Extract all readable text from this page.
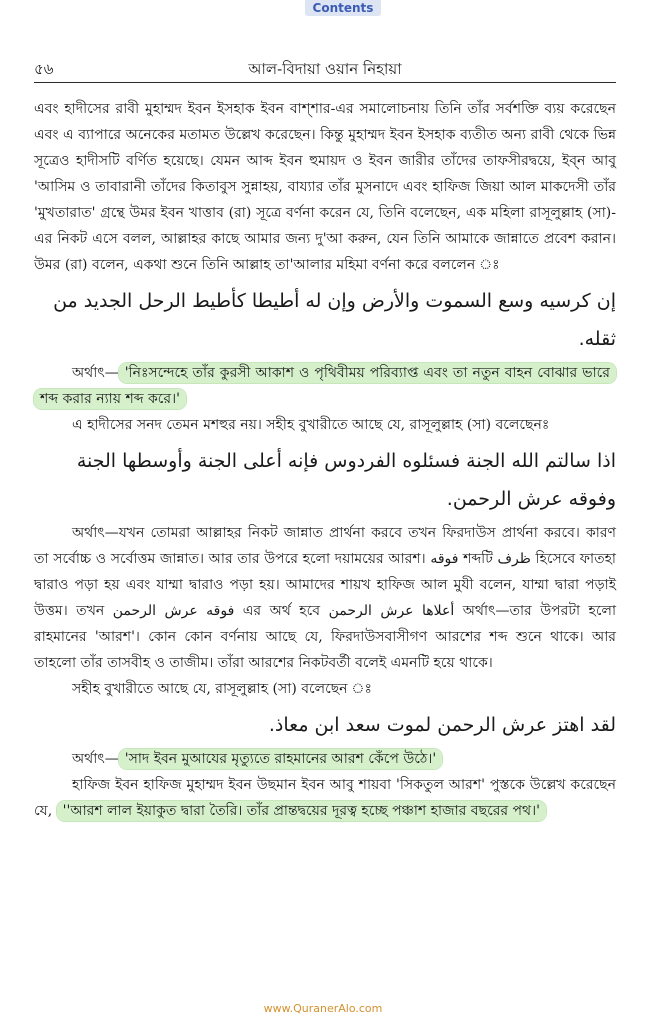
Contents
৫৬	আল-বিদায়া ওয়ান নিহায়া

এবং হাদীসের রাবী মুহাম্মদ ইবন ইসহাক ইবন বাশ্শার-এর সমালোচনায় তিনি তাঁর সর্বশক্তি ব্যয় করেছেন এবং এ ব্যাপারে অনেকের মতামত উল্লেখ করেছেন। কিন্তু মুহাম্মদ ইবন ইসহাক ব্যতীত অন্য রাবী থেকে ভিন্ন সূত্রেও হাদীসটি বর্ণিত হয়েছে। যেমন আব্দ ইবন হুমায়দ ও ইবন জারীর তাঁদের তাফসীরদ্বয়ে, ইব্ন আবু 'আসিম ও তাবারানী তাঁদের কিতাবুস সুন্নাহয়, বায্যার তাঁর মুসনাদে এবং হাফিজ জিয়া আল মাকদেসী তাঁর 'মুখতারাত' গ্রন্থে উমর ইবন খাত্তাব (রা) সূত্রে বর্ণনা করেন যে, তিনি বলেছেন, এক মহিলা রাসূলুল্লাহ (সা)-এর নিকট এসে বলল, আল্লাহর কাছে আমার জন্য দু'আ করুন, যেন তিনি আমাকে জান্নাতে প্রবেশ করান। উমর (রা) বলেন, একথা শুনে তিনি আল্লাহ তা'আলার মহিমা বর্ণনা করে বললেন ঃ

إن كرسيه وسع السموت والأرض وإن له أطيطا كأطيط الرحل الجديد من ثقله.

অর্থাৎ— 'নিঃসন্দেহে তাঁর কুরসী আকাশ ও পৃথিবীময় পরিব্যাপ্ত এবং তা নতুন বাহন বোঝার ভারে শব্দ করার ন্যায় শব্দ করে।'

এ হাদীসের সনদ তেমন মশহুর নয়। সহীহ বুখারীতে আছে যে, রাসূলুল্লাহ (সা) বলেছেনঃ

اذا سالتم الله الجنة فسئلوه الفردوس فإنه أعلى الجنة وأوسطها الجنة وفوقه عرش الرحمن.

অর্থাৎ—যখন তোমরা আল্লাহর নিকট জান্নাত প্রার্থনা করবে তখন ফিরদাউস প্রার্থনা করবে। কারণ তা সর্বোচ্চ ও সর্বোত্তম জান্নাত। আর তার উপরে হলো দয়াময়ের আরশ। فوقه শব্দটি ظرف হিসেবে ফাতহা দ্বারাও পড়া হয় এবং যাম্মা দ্বারাও পড়া হয়। আমাদের শায়খ হাফিজ আল মুযী বলেন, যাম্মা দ্বারা পড়াই উত্তম। তখন فوقه عرش الرحمن এর অর্থ হবে أعلاها عرش الرحمن অর্থাৎ—তার উপরটা হলো রাহমানের 'আরশ'। কোন কোন বর্ণনায় আছে যে, ফিরদাউসবাসীগণ আরশের শব্দ শুনে থাকে। আর তাহলো তাঁর তাসবীহ ও তাজীম। তাঁরা আরশের নিকটবর্তী বলেই এমনটি হয়ে থাকে।

সহীহ বুখারীতে আছে যে, রাসূলুল্লাহ (সা) বলেছেন ঃ

لقد اهتز عرش الرحمن لموت سعد ابن معاذ.

অর্থাৎ— 'সাদ ইবন মুআযের মৃত্যুতে রাহমানের আরশ কেঁপে উঠে।'

হাফিজ ইবন হাফিজ মুহাম্মদ ইবন উছমান ইবন আবু শায়বা 'সিকতুল আরশ' পুস্তকে উল্লেখ করেছেন যে, ''আরশ লাল ইয়াকুত দ্বারা তৈরি। তাঁর প্রান্তদ্বয়ের দূরত্ব হচ্ছে পঞ্চাশ হাজার বছরের পথ।'

www.QuranerAlo.com
